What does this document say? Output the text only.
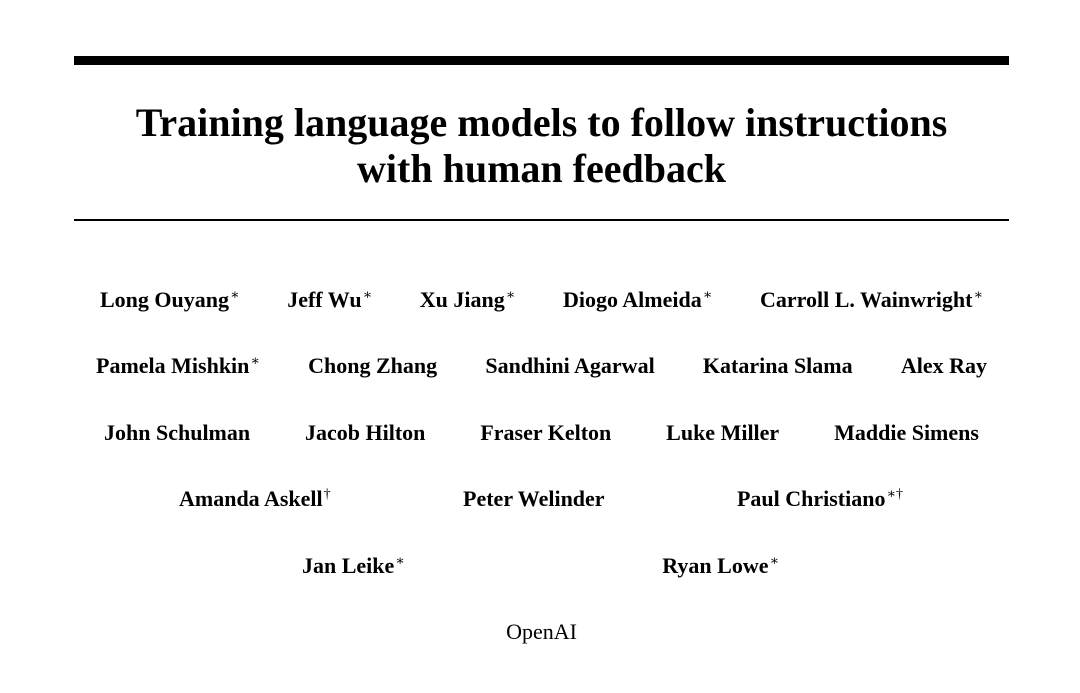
Training language models to follow instructions
with human feedback
Long Ouyang∗ Jeff Wu∗ Xu Jiang∗ Diogo Almeida∗ Carroll L. Wainwright∗
Pamela Mishkin∗ Chong Zhang Sandhini Agarwal Katarina Slama Alex Ray
John Schulman Jacob Hilton Fraser Kelton Luke Miller Maddie Simens
Amanda Askell†	Peter Welinder	Paul Christiano∗†
Jan Leike∗	Ryan Lowe∗
OpenAI
